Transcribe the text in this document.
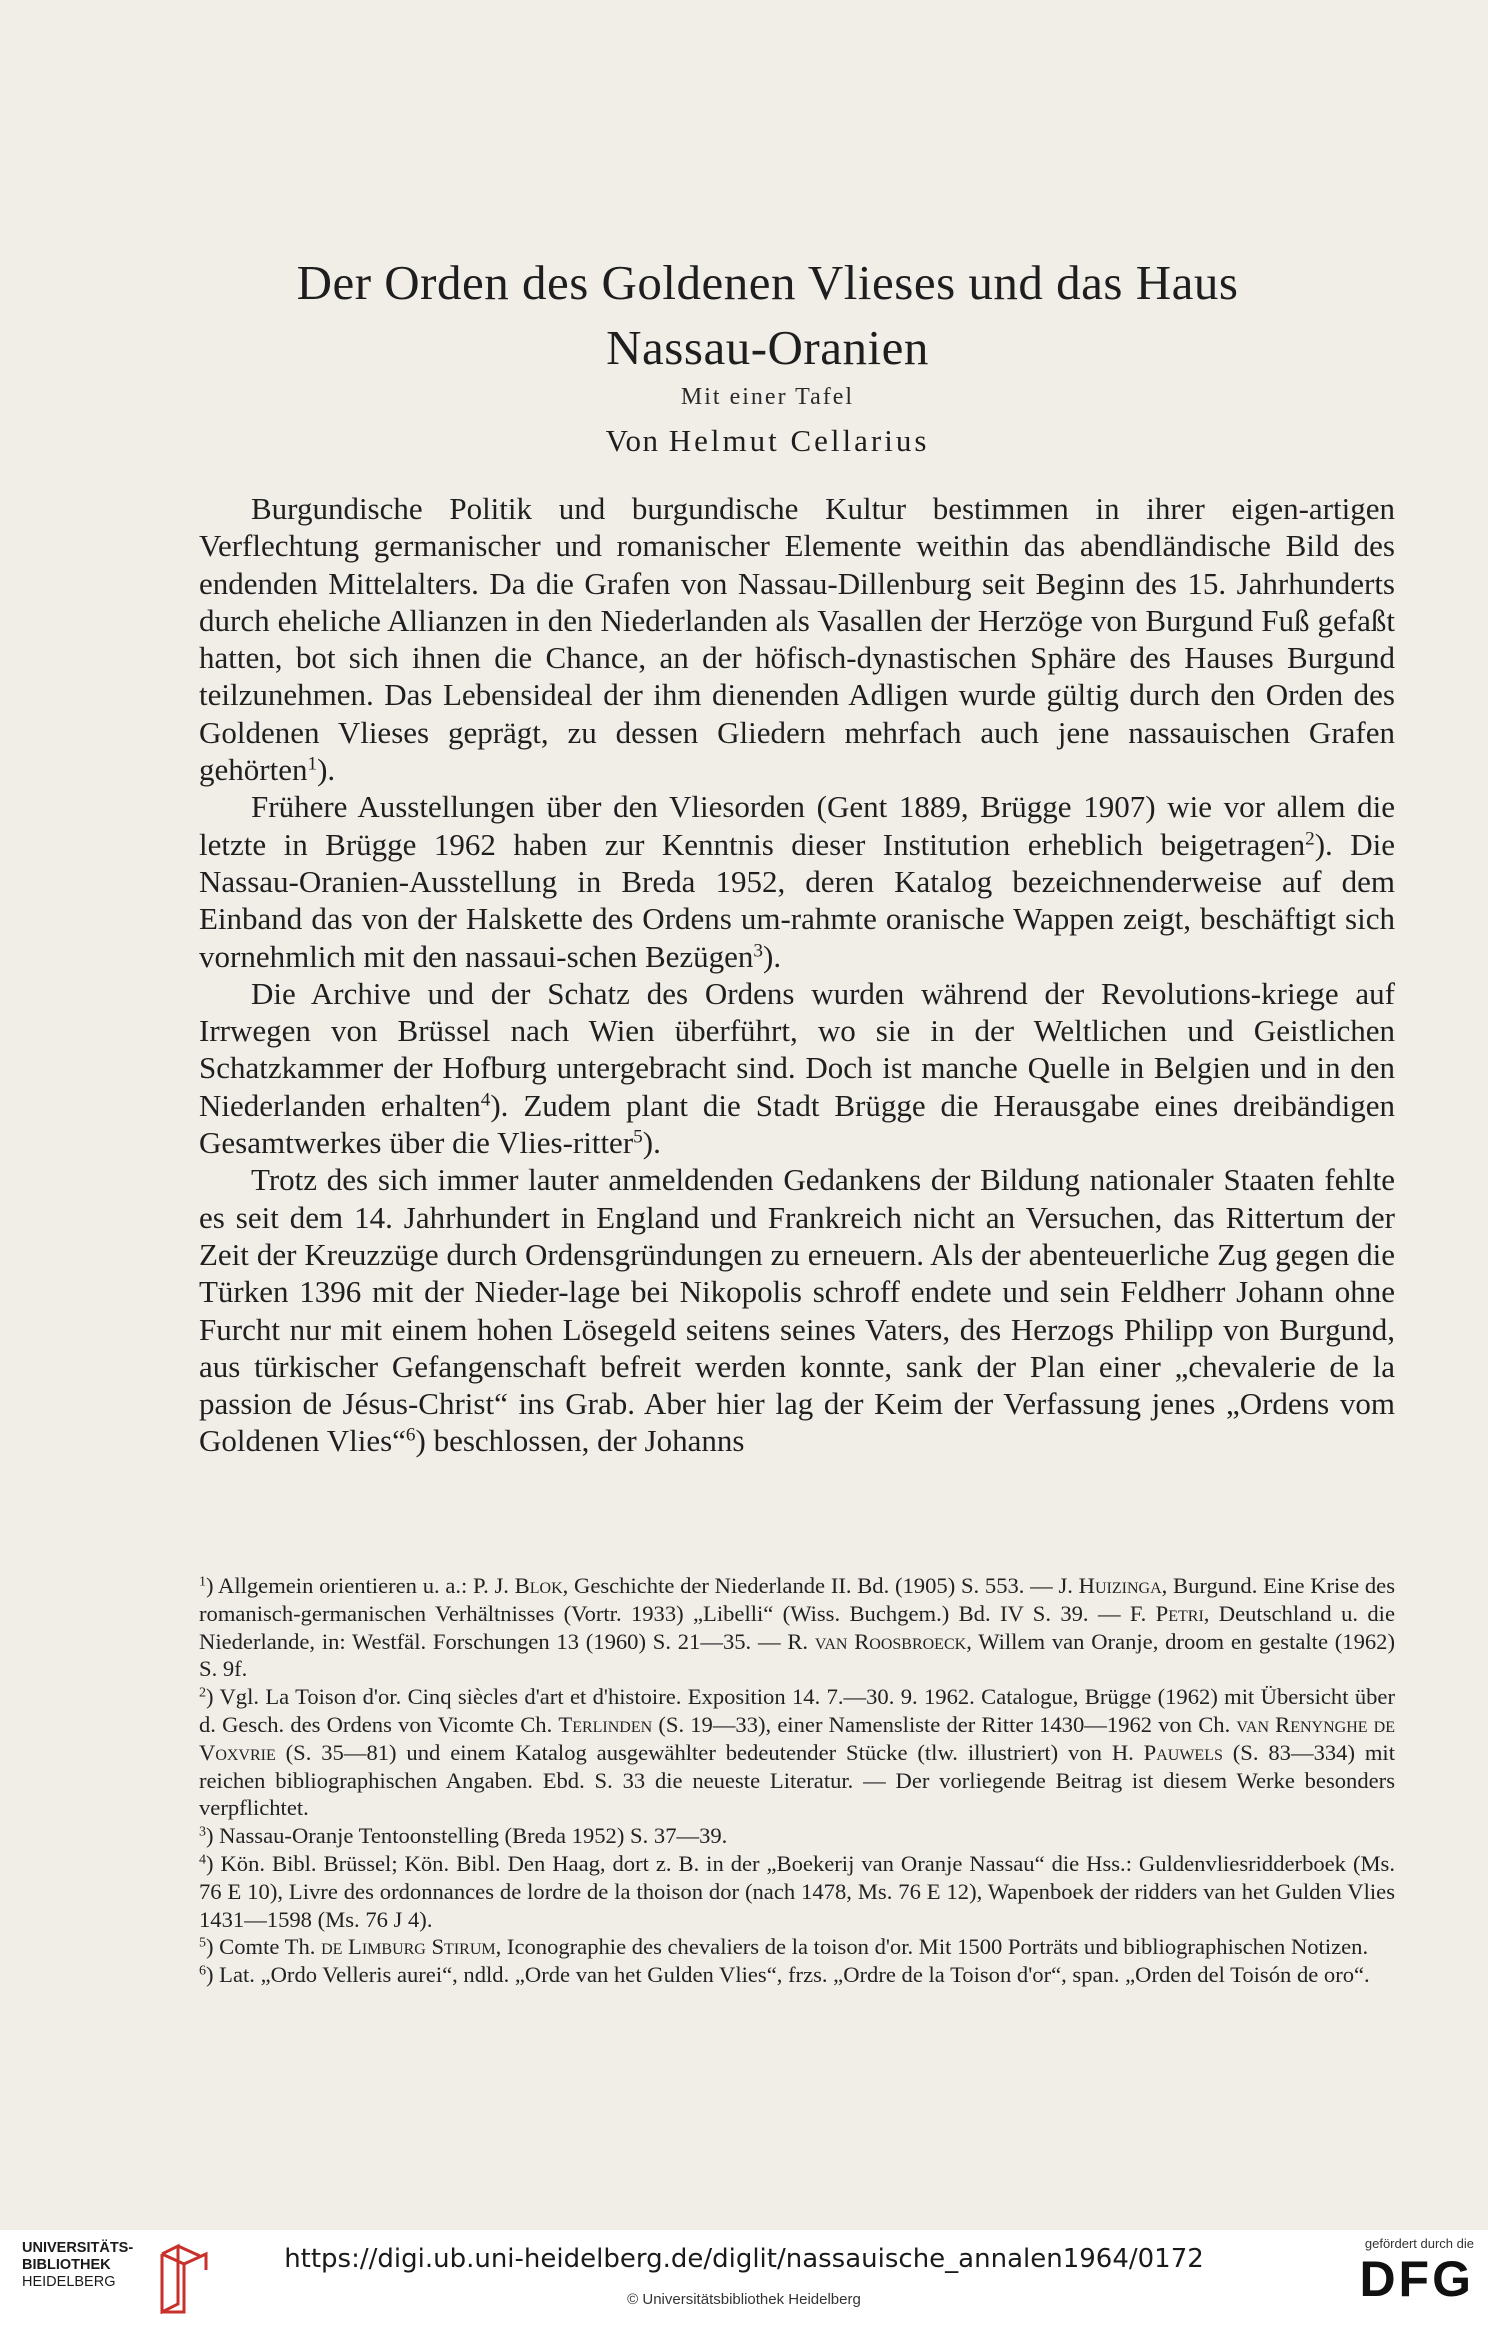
Der Orden des Goldenen Vlieses und das Haus
Nassau-Oranien
Mit einer Tafel
Von Helmut Cellarius

Burgundische Politik und burgundische Kultur bestimmen in ihrer eigen-artigen Verflechtung germanischer und romanischer Elemente weithin das abendländische Bild des endenden Mittelalters. Da die Grafen von Nassau-Dillenburg seit Beginn des 15. Jahrhunderts durch eheliche Allianzen in den Niederlanden als Vasallen der Herzöge von Burgund Fuß gefaßt hatten, bot sich ihnen die Chance, an der höfisch-dynastischen Sphäre des Hauses Burgund teilzunehmen. Das Lebensideal der ihm dienenden Adligen wurde gültig durch den Orden des Goldenen Vlieses geprägt, zu dessen Gliedern mehrfach auch jene nassauischen Grafen gehörten$^1$).

Frühere Ausstellungen über den Vliesorden (Gent 1889, Brügge 1907) wie vor allem die letzte in Brügge 1962 haben zur Kenntnis dieser Institution erheblich beigetragen$^2$). Die Nassau-Oranien-Ausstellung in Breda 1952, deren Katalog bezeichnenderweise auf dem Einband das von der Halskette des Ordens um-rahmte oranische Wappen zeigt, beschäftigt sich vornehmlich mit den nassaui-schen Bezügen$^3$).

Die Archive und der Schatz des Ordens wurden während der Revolutions-kriege auf Irrwegen von Brüssel nach Wien überführt, wo sie in der Weltlichen und Geistlichen Schatzkammer der Hofburg untergebracht sind. Doch ist manche Quelle in Belgien und in den Niederlanden erhalten$^4$). Zudem plant die Stadt Brügge die Herausgabe eines dreibändigen Gesamtwerkes über die Vlies-ritter$^5$).

Trotz des sich immer lauter anmeldenden Gedankens der Bildung nationaler Staaten fehlte es seit dem 14. Jahrhundert in England und Frankreich nicht an Versuchen, das Rittertum der Zeit der Kreuzzüge durch Ordensgründungen zu erneuern. Als der abenteuerliche Zug gegen die Türken 1396 mit der Nieder-lage bei Nikopolis schroff endete und sein Feldherr Johann ohne Furcht nur mit einem hohen Lösegeld seitens seines Vaters, des Herzogs Philipp von Burgund, aus türkischer Gefangenschaft befreit werden konnte, sank der Plan einer „chevalerie de la passion de Jésus-Christ“ ins Grab. Aber hier lag der Keim der Verfassung jenes „Ordens vom Goldenen Vlies“$^6$) beschlossen, der Johanns

$^1$) Allgemein orientieren u. a.: P. J. Blok, Geschichte der Niederlande II. Bd. (1905) S. 553. — J. Huizinga, Burgund. Eine Krise des romanisch-germanischen Verhältnisses (Vortr. 1933) „Libelli“ (Wiss. Buchgem.) Bd. IV S. 39. — F. Petri, Deutschland u. die Niederlande, in: Westfäl. Forschungen 13 (1960) S. 21—35. — R. van Roosbroeck, Willem van Oranje, droom en gestalte (1962) S. 9f.

$^2$) Vgl. La Toison d'or. Cinq siècles d'art et d'histoire. Exposition 14. 7.—30. 9. 1962. Catalogue, Brügge (1962) mit Übersicht über d. Gesch. des Ordens von Vicomte Ch. Terlinden (S. 19—33), einer Namensliste der Ritter 1430—1962 von Ch. van Renynghe de Voxvrie (S. 35—81) und einem Katalog ausgewählter bedeutender Stücke (tlw. illustriert) von H. Pauwels (S. 83—334) mit reichen bibliographischen Angaben. Ebd. S. 33 die neueste Literatur. — Der vorliegende Beitrag ist diesem Werke besonders verpflichtet.

$^3$) Nassau-Oranje Tentoonstelling (Breda 1952) S. 37—39.

$^4$) Kön. Bibl. Brüssel; Kön. Bibl. Den Haag, dort z. B. in der „Boekerij van Oranje Nassau“ die Hss.: Guldenvliesridderboek (Ms. 76 E 10), Livre des ordonnances de lordre de la thoison dor (nach 1478, Ms. 76 E 12), Wapenboek der ridders van het Gulden Vlies 1431—1598 (Ms. 76 J 4).

$^5$) Comte Th. de Limburg Stirum, Iconographie des chevaliers de la toison d'or. Mit 1500 Porträts und bibliographischen Notizen.

$^6$) Lat. „Ordo Velleris aurei“, ndld. „Orde van het Gulden Vlies“, frzs. „Ordre de la Toison d'or“, span. „Orden del Toisón de oro“.

UNIVERSITÄTS-
BIBLIOTHEK
HEIDELBERG
https://digi.ub.uni-heidelberg.de/diglit/nassauische_annalen1964/0172
© Universitätsbibliothek Heidelberg
gefördert durch die
DFG
